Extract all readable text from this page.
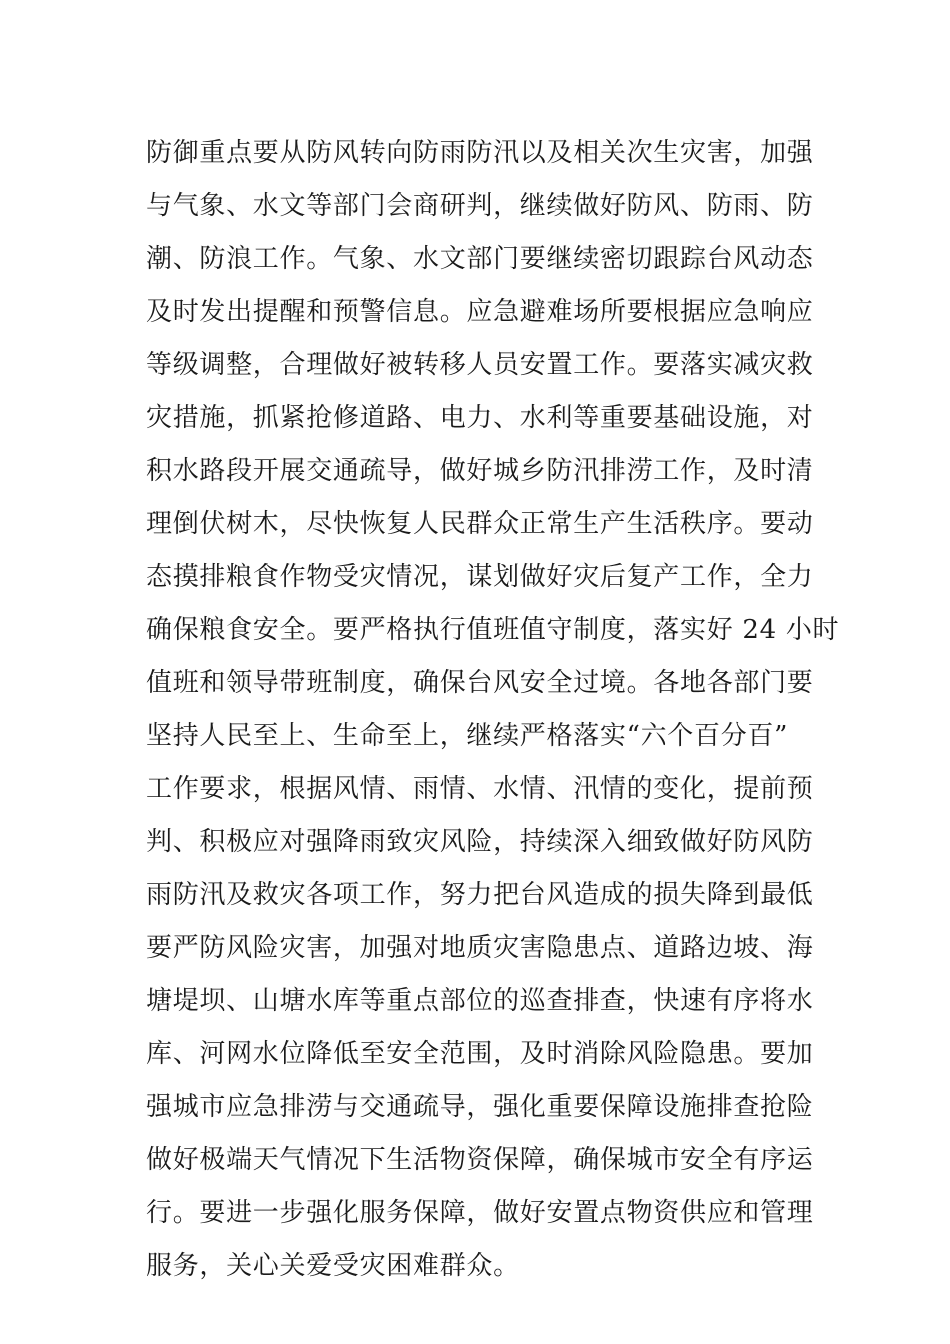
防御重点要从防风转向防雨防汛以及相关次生灾害，加强
与气象、水文等部门会商研判，继续做好防风、防雨、防
潮、防浪工作。气象、水文部门要继续密切跟踪台风动态
及时发出提醒和预警信息。应急避难场所要根据应急响应
等级调整，合理做好被转移人员安置工作。要落实减灾救
灾措施，抓紧抢修道路、电力、水利等重要基础设施，对
积水路段开展交通疏导，做好城乡防汛排涝工作，及时清
理倒伏树木，尽快恢复人民群众正常生产生活秩序。要动
态摸排粮食作物受灾情况，谋划做好灾后复产工作，全力
确保粮食安全。要严格执行值班值守制度，落实好 24 小时
值班和领导带班制度，确保台风安全过境。各地各部门要
坚持人民至上、生命至上，继续严格落实“六个百分百”
工作要求，根据风情、雨情、水情、汛情的变化，提前预
判、积极应对强降雨致灾风险，持续深入细致做好防风防
雨防汛及救灾各项工作，努力把台风造成的损失降到最低
要严防风险灾害，加强对地质灾害隐患点、道路边坡、海
塘堤坝、山塘水库等重点部位的巡查排查，快速有序将水
库、河网水位降低至安全范围，及时消除风险隐患。要加
强城市应急排涝与交通疏导，强化重要保障设施排查抢险
做好极端天气情况下生活物资保障，确保城市安全有序运
行。要进一步强化服务保障，做好安置点物资供应和管理
服务，关心关爱受灾困难群众。
